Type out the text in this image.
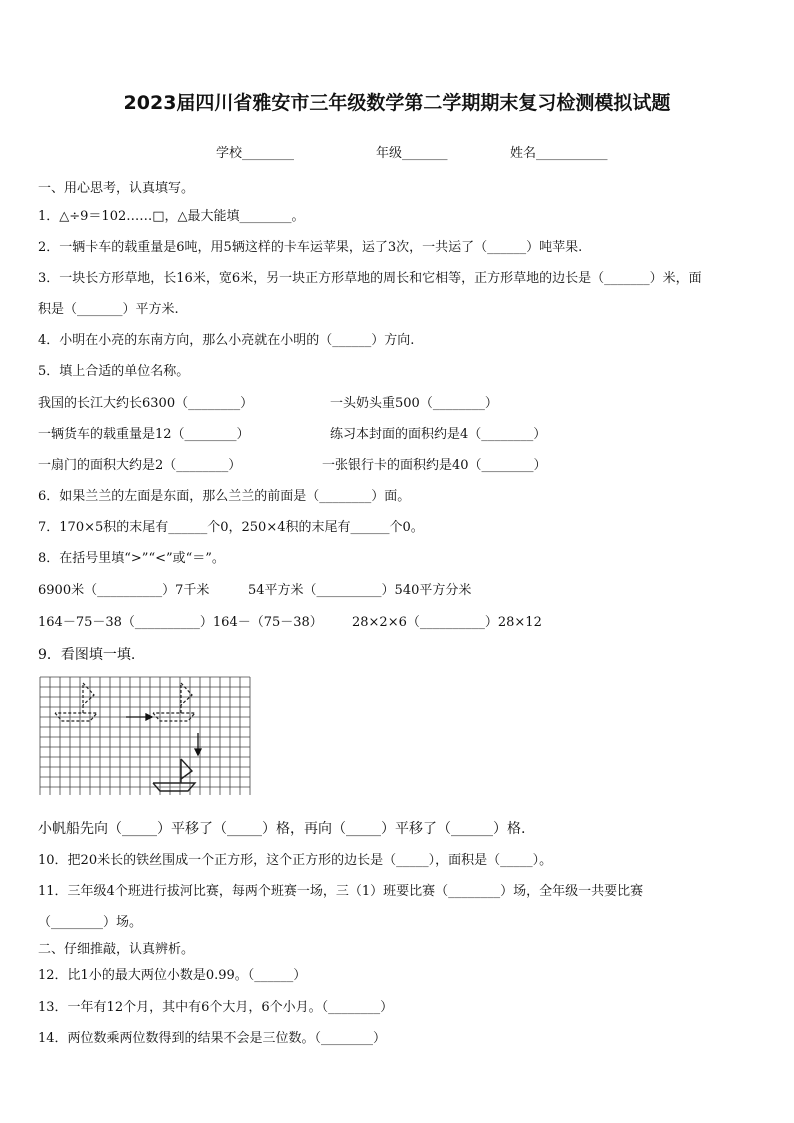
2023届四川省雅安市三年级数学第二学期期末复习检测模拟试题
学校________	年级_______	姓名___________
一、用心思考，认真填写。
1．△÷9＝102……□，△最大能填________。
2．一辆卡车的载重量是6吨，用5辆这样的卡车运苹果，运了3次，一共运了（______）吨苹果.
3．一块长方形草地，长16米，宽6米，另一块正方形草地的周长和它相等，正方形草地的边长是（_______）米，面
积是（_______）平方米.
4．小明在小亮的东南方向，那么小亮就在小明的（______）方向.
5．填上合适的单位名称。
我国的长江大约长6300（________）	一头奶头重500（________）
一辆货车的载重量是12（________）	练习本封面的面积约是4（________）
一扇门的面积大约是2（________）	一张银行卡的面积约是40（________）
6．如果兰兰的左面是东面，那么兰兰的前面是（________）面。
7．170×5积的末尾有______个0，250×4积的末尾有______个0。
8．在括号里填“>”“<”或“＝”。
6900米（__________）7千米	54平方米（__________）540平方分米
164－75－38（__________）164－（75－38） 28×2×6（__________）28×12
9．看图填一填.
小帆船先向（_____）平移了（_____）格，再向（_____）平移了（______）格.
10．把20米长的铁丝围成一个正方形，这个正方形的边长是（_____），面积是（_____）。
11．三年级4个班进行拔河比赛，每两个班赛一场，三（1）班要比赛（________）场，全年级一共要比赛
（________）场。
二、仔细推敲，认真辨析。
12．比1小的最大两位小数是0.99。（______）
13．一年有12个月，其中有6个大月，6个小月。（________）
14．两位数乘两位数得到的结果不会是三位数。（________）
